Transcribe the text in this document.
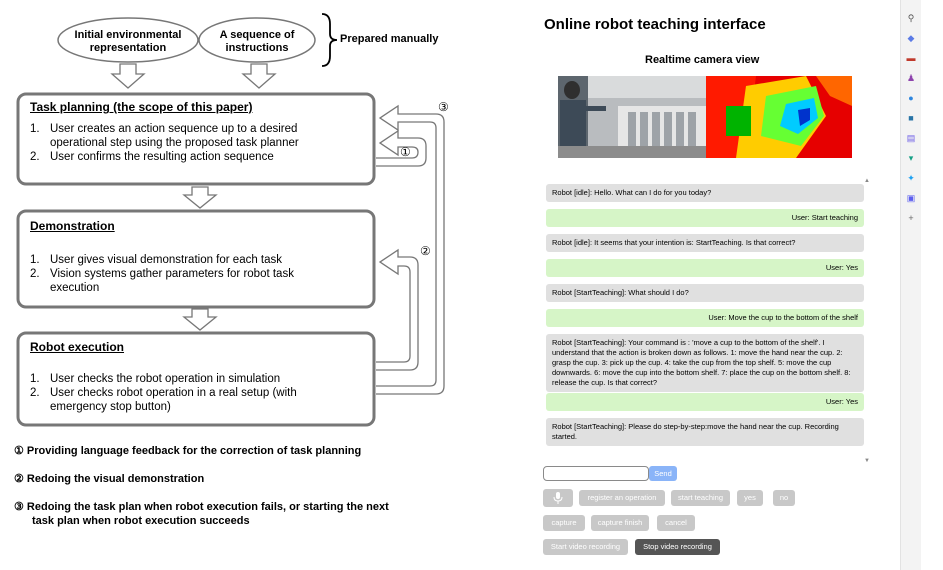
Initial environmental
representation
A sequence of
instructions
Prepared manually
Task planning (the scope of this paper)
1. User creates an action sequence up to a desired
operational step using the proposed task planner
2. User confirms the resulting action sequence
Demonstration
1. User gives visual demonstration for each task
2. Vision systems gather parameters for robot task
execution
Robot execution
1. User checks the robot operation in simulation
2. User checks robot operation in a real setup (with
emergency stop button)
③
①
②
① Providing language feedback for the correction of task planning
② Redoing the visual demonstration
③ Redoing the task plan when robot execution fails, or starting the next
task plan when robot execution succeeds
Online robot teaching interface
Realtime camera view
Robot [idle]: Hello. What can I do for you today?
User: Start teaching
Robot [idle]: It seems that your intention is: StartTeaching. Is that correct?
User: Yes
Robot [StartTeaching]: What should I do?
User: Move the cup to the bottom of the shelf
Robot [StartTeaching]: Your command is : 'move a cup to the bottom of the shelf'. I understand that the action is broken down as follows. 1: move the hand near the cup. 2: grasp the cup. 3: pick up the cup. 4: take the cup from the top shelf. 5: move the cup downwards. 6: move the cup into the bottom shelf. 7: place the cup on the bottom shelf. 8: release the cup. Is that correct?
User: Yes
Robot [StartTeaching]: Please do step-by-step:move the hand near the cup. Recording started.
▲
▼
Send
register an operation	start teaching	yes	no
capture	capture finish	cancel
Start video recording	Stop video recording
⚲
◆
▬
♟
●
■
▤
▾
✦
▣
+
